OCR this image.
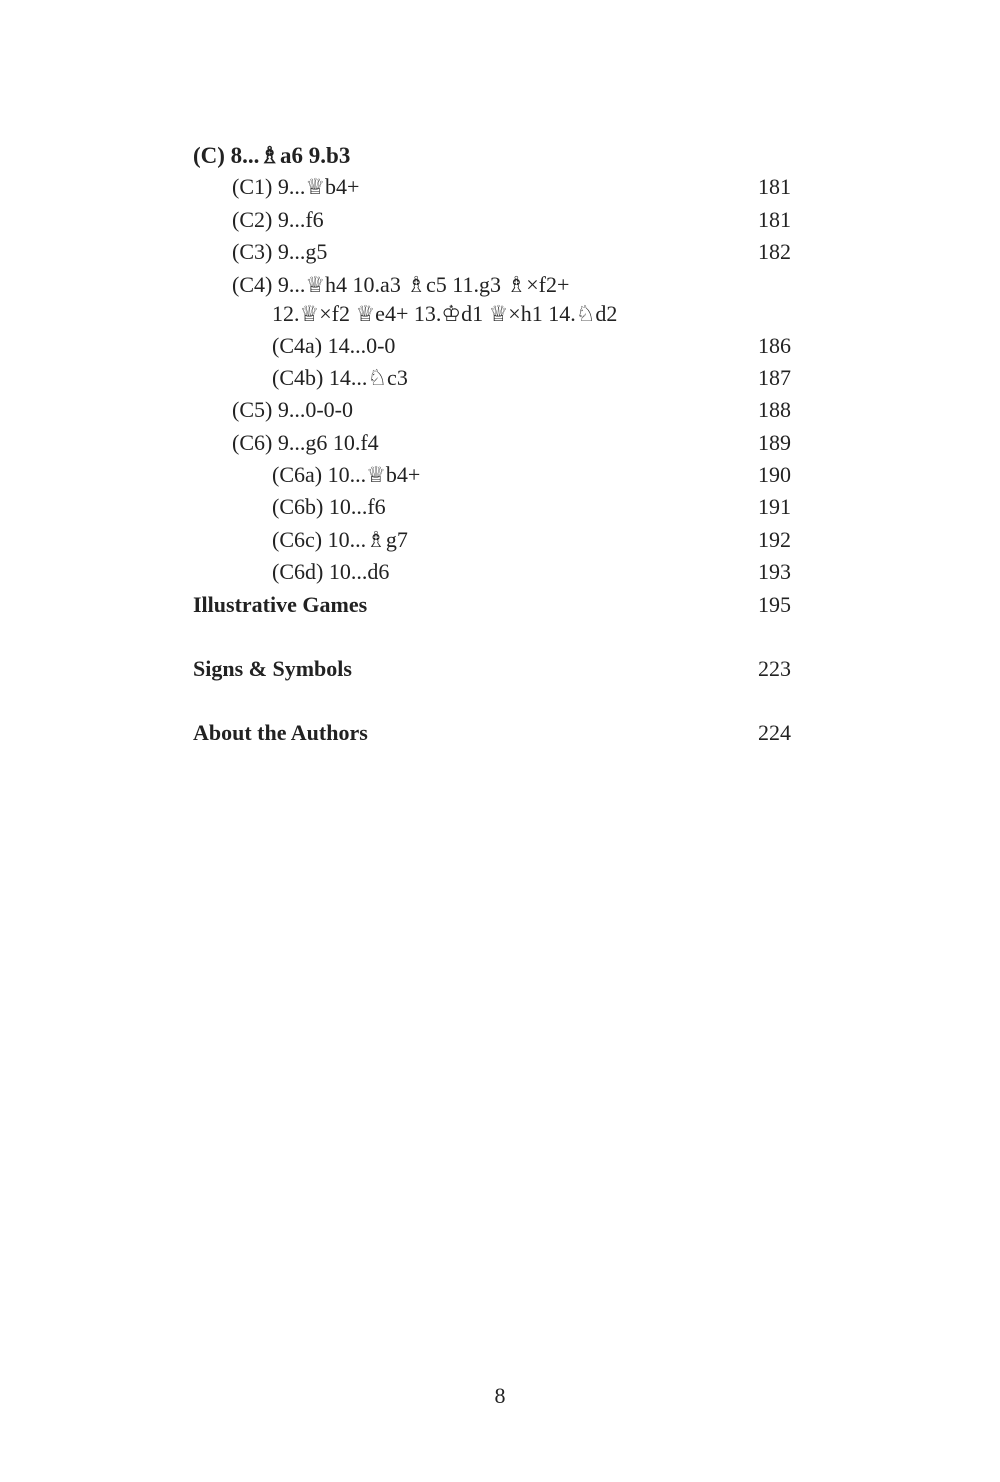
(C) 8...♗a6 9.b3
(C1) 9...♕b4+	181
(C2) 9...f6	181
(C3) 9...g5	182
(C4) 9...♕h4 10.a3 ♗c5 11.g3 ♗×f2+
12.♕×f2 ♕e4+ 13.♔d1 ♕×h1 14.♘d2
(C4a) 14...0-0	186
(C4b) 14...♘c3	187
(C5) 9...0-0-0	188
(C6) 9...g6 10.f4	189
(C6a) 10...♕b4+	190
(C6b) 10...f6	191
(C6c) 10...♗g7	192
(C6d) 10...d6	193
Illustrative Games	195
Signs & Symbols	223
About the Authors	224
8
